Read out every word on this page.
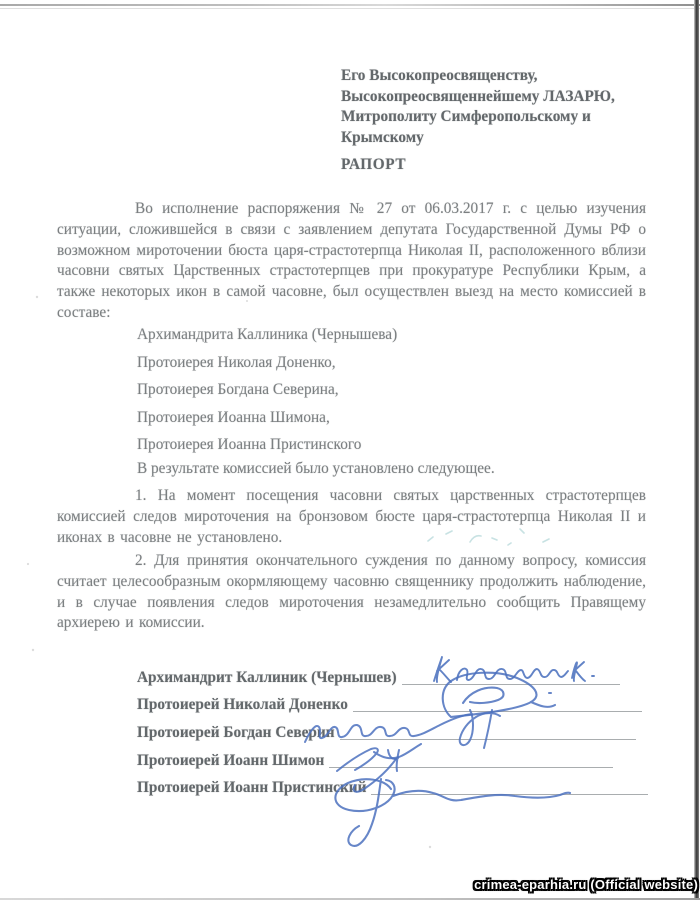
Его Высокопреосвященству,
Высокопреосвященнейшему ЛАЗАРЮ,
Митрополиту Симферопольскому и
Крымскому
РАПОРТ
Во исполнение распоряжения № 27 от 06.03.2017 г. с целью изучения ситуации, сложившейся в связи с заявлением депутата Государственной Думы РФ о возможном мироточении бюста царя-страстотерпца Николая II, расположенного вблизи часовни святых Царственных страстотерпцев при прокуратуре Республики Крым, а также некоторых икон в самой часовне, был осуществлен выезд на место комиссией в составе:
Архимандрита Каллиника (Чернышева)
Протоиерея Николая Доненко,
Протоиерея Богдана Северина,
Протоиерея Иоанна Шимона,
Протоиерея Иоанна Пристинского
В результате комиссией было установлено следующее.
1. На момент посещения часовни святых царственных страстотерпцев комиссией следов мироточения на бронзовом бюсте царя-страстотерпца Николая II и иконах в часовне не установлено.
2. Для принятия окончательного суждения по данному вопросу, комиссия считает целесообразным окормляющему часовню священнику продолжить наблюдение, и в случае появления следов мироточения незамедлительно сообщить Правящему архиерею и комиссии.
Архимандрит Каллиник (Чернышев)
Протоиерей Николай Доненко
Протоиерей Богдан Северин
Протоиерей Иоанн Шимон
Протоиерей Иоанн Пристинский
crimea-eparhia.ru (Official website)
